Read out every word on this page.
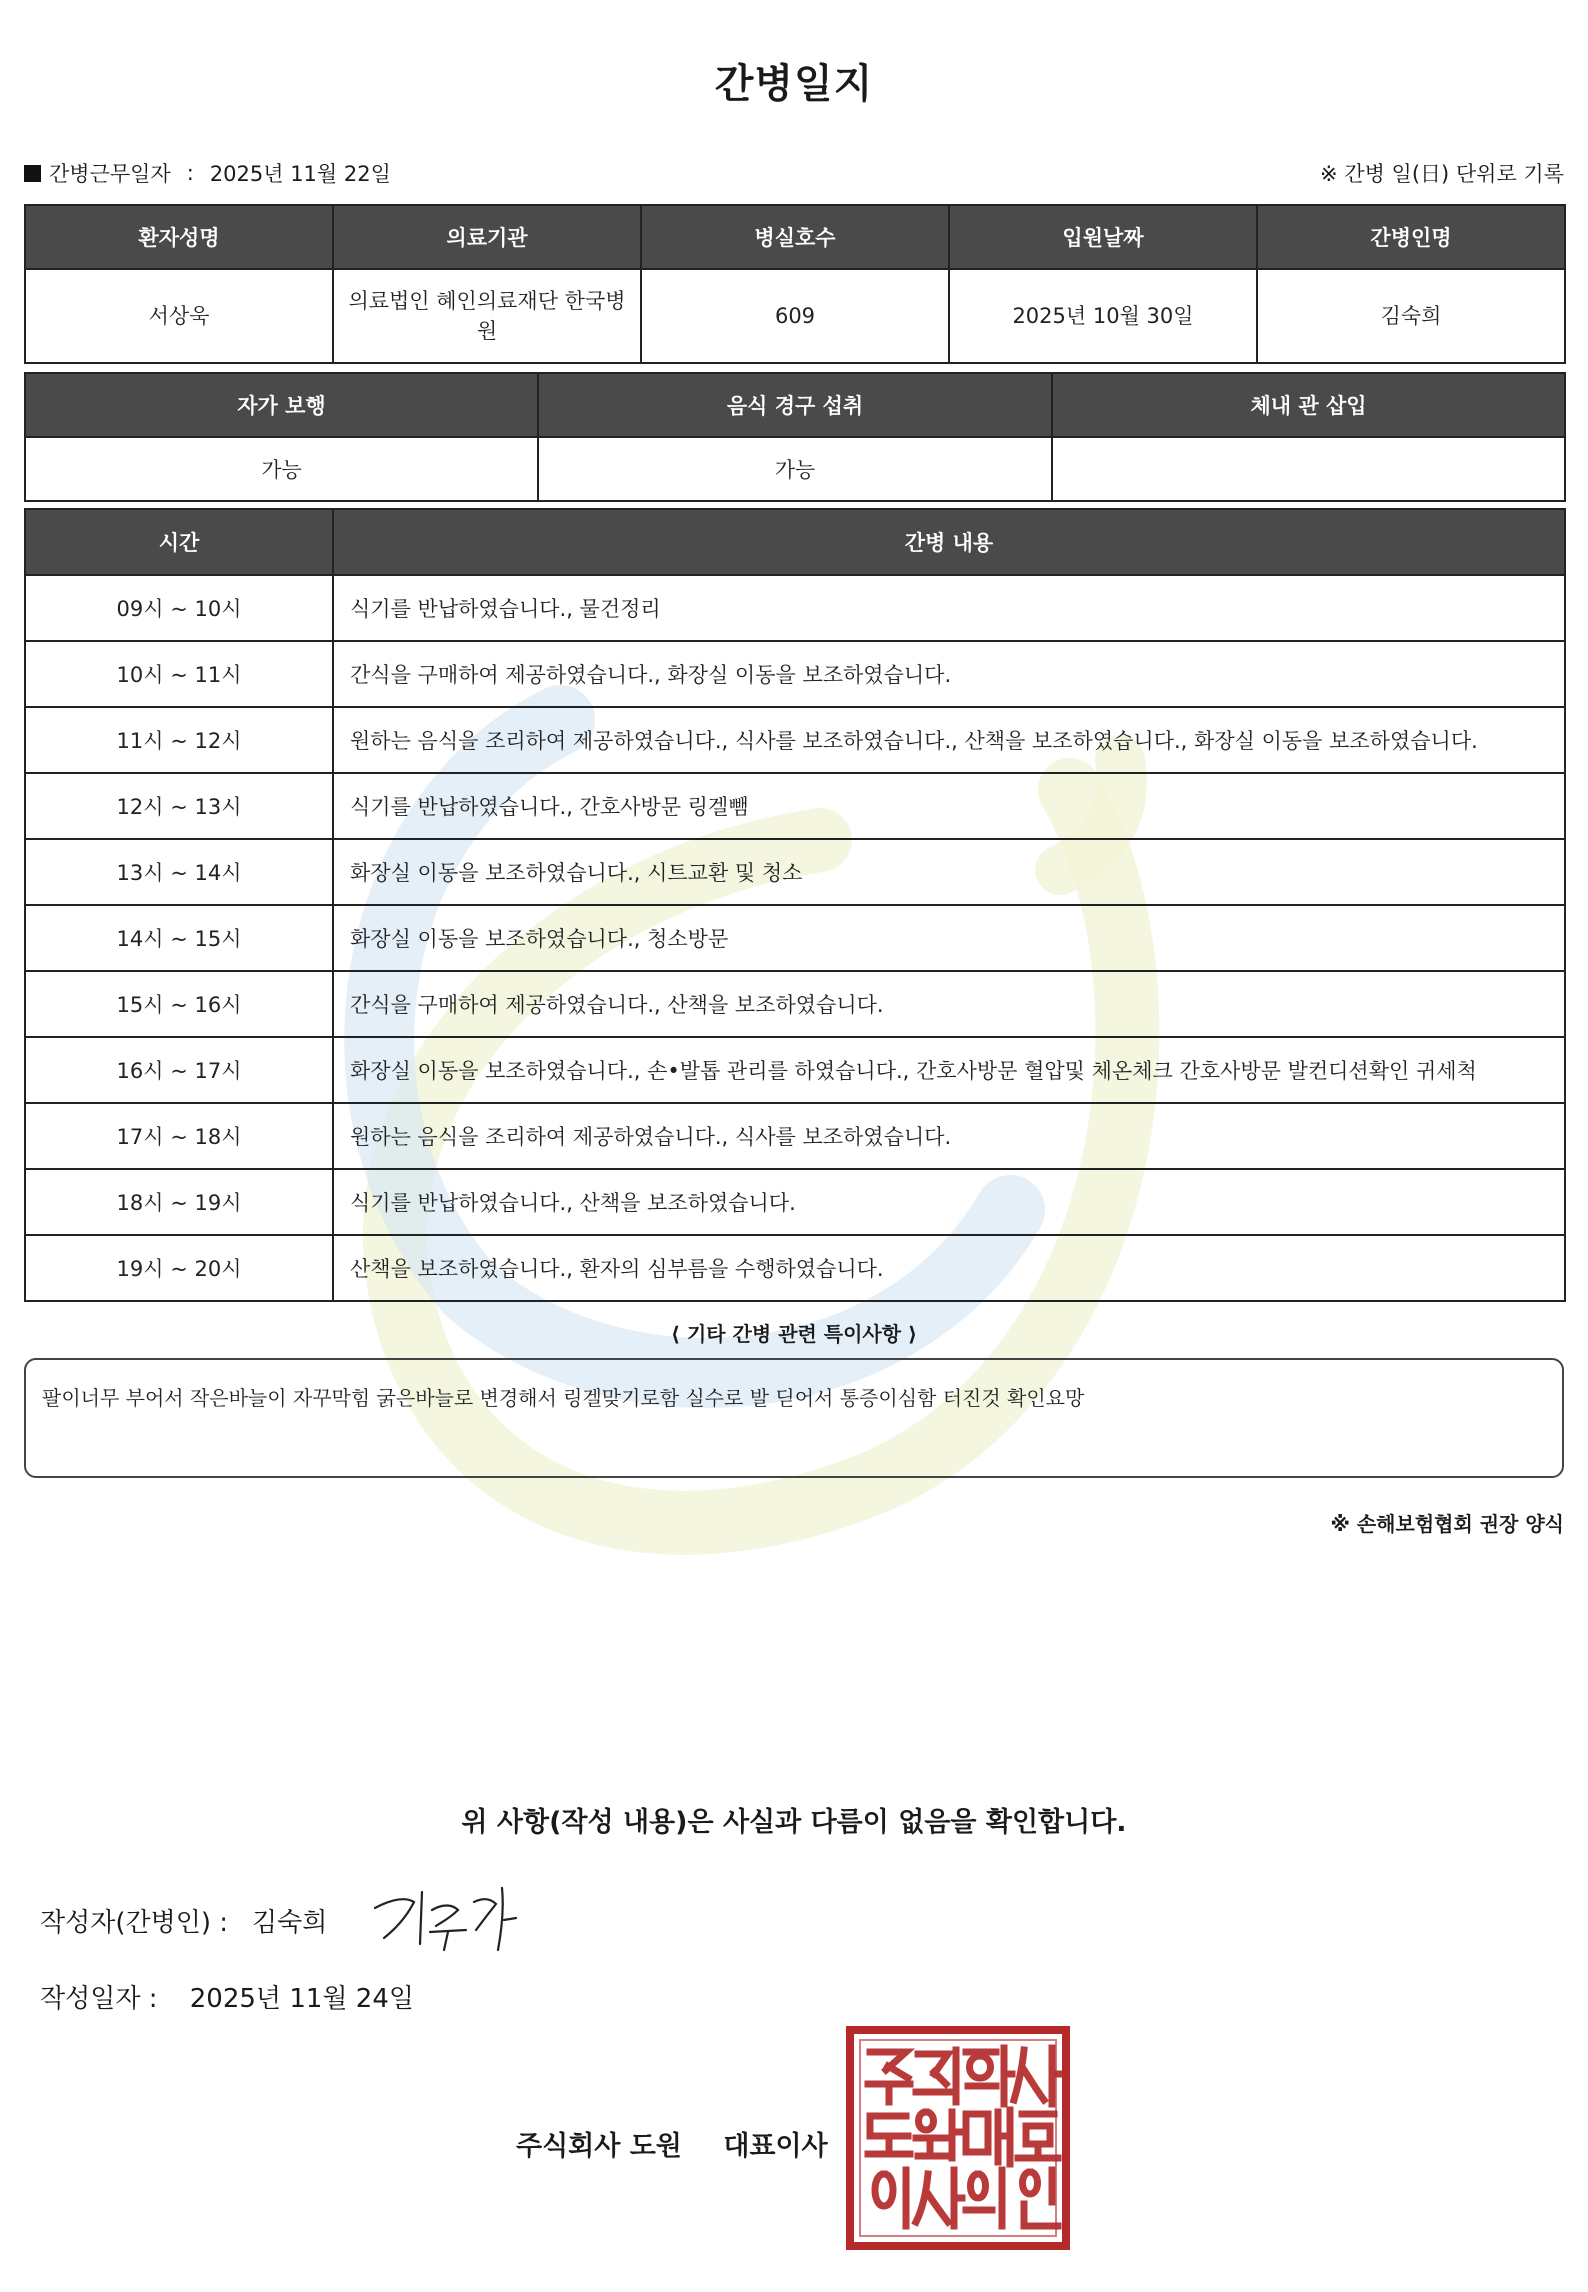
간병일지
간병근무일자 : 2025년 11월 22일	※ 간병 일(日) 단위로 기록
환자성명	의료기관	병실호수	입원날짜	간병인명
서상욱	의료법인 혜인의료재단 한국병원	609	2025년 10월 30일	김숙희
자가 보행	음식 경구 섭취	체내 관 삽입
가능	가능	
시간	간병 내용
09시 ~ 10시	식기를 반납하였습니다., 물건정리
10시 ~ 11시	간식을 구매하여 제공하였습니다., 화장실 이동을 보조하였습니다.
11시 ~ 12시	원하는 음식을 조리하여 제공하였습니다., 식사를 보조하였습니다., 산책을 보조하였습니다., 화장실 이동을 보조하였습니다.
12시 ~ 13시	식기를 반납하였습니다., 간호사방문 링겔뺌
13시 ~ 14시	화장실 이동을 보조하였습니다., 시트교환 및 청소
14시 ~ 15시	화장실 이동을 보조하였습니다., 청소방문
15시 ~ 16시	간식을 구매하여 제공하였습니다., 산책을 보조하였습니다.
16시 ~ 17시	화장실 이동을 보조하였습니다., 손•발톱 관리를 하였습니다., 간호사방문 혈압및 체온체크 간호사방문 발컨디션확인 귀세척
17시 ~ 18시	원하는 음식을 조리하여 제공하였습니다., 식사를 보조하였습니다.
18시 ~ 19시	식기를 반납하였습니다., 산책을 보조하였습니다.
19시 ~ 20시	산책을 보조하였습니다., 환자의 심부름을 수행하였습니다.
⟨ 기타 간병 관련 특이사항 ⟩
팔이너무 부어서 작은바늘이 자꾸막힘 굵은바늘로 변경해서 링겔맞기로함 실수로 발 딛어서 통증이심함 터진것 확인요망
※ 손해보험협회 권장 양식
위 사항(작성 내용)은 사실과 다름이 없음을 확인합니다.
작성자(간병인) : 김숙희
작성일자 : 2025년 11월 24일
주식회사 도원 대표이사
